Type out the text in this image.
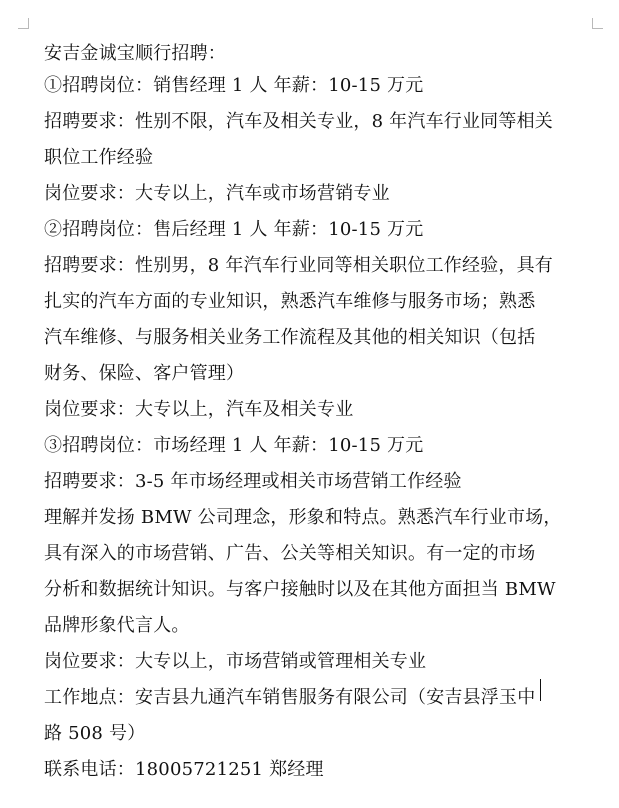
安吉金诚宝顺行招聘：
①招聘岗位：销售经理 1 人 年薪：10-15 万元
招聘要求：性别不限，汽车及相关专业，8 年汽车行业同等相关
职位工作经验
岗位要求：大专以上，汽车或市场营销专业
②招聘岗位：售后经理 1 人 年薪：10-15 万元
招聘要求：性别男，8 年汽车行业同等相关职位工作经验，具有
扎实的汽车方面的专业知识，熟悉汽车维修与服务市场；熟悉
汽车维修、与服务相关业务工作流程及其他的相关知识（包括
财务、保险、客户管理）
岗位要求：大专以上，汽车及相关专业
③招聘岗位：市场经理 1 人 年薪：10-15 万元
招聘要求：3-5 年市场经理或相关市场营销工作经验
理解并发扬 BMW 公司理念，形象和特点。熟悉汽车行业市场，
具有深入的市场营销、广告、公关等相关知识。有一定的市场
分析和数据统计知识。与客户接触时以及在其他方面担当 BMW
品牌形象代言人。
岗位要求：大专以上，市场营销或管理相关专业
工作地点：安吉县九通汽车销售服务有限公司（安吉县浮玉中
路 508 号）
联系电话：18005721251 郑经理
